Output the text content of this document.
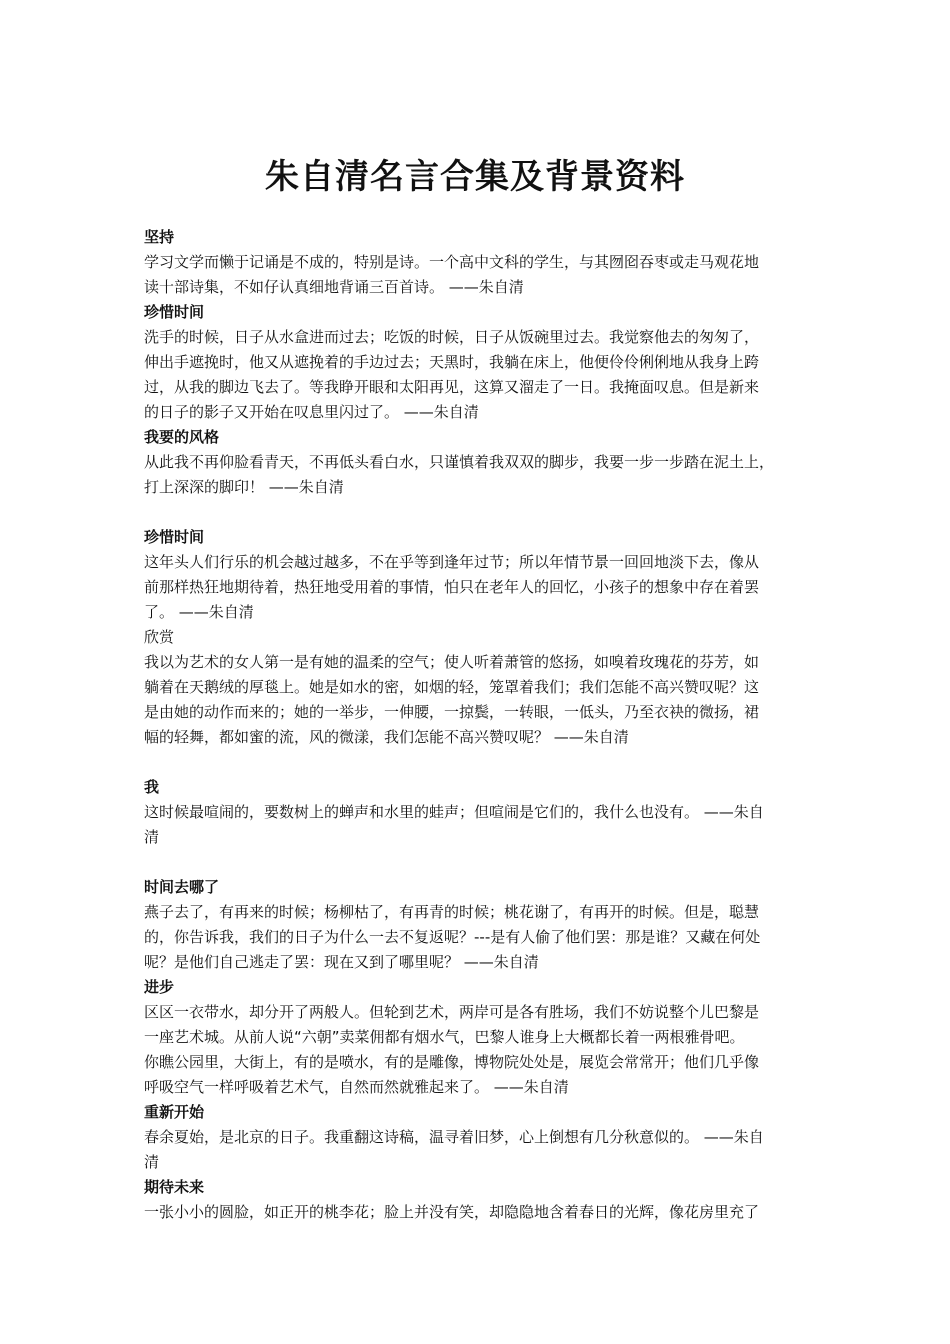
朱自清名言合集及背景资料
坚持
学习文学而懒于记诵是不成的，特别是诗。一个高中文科的学生，与其囫囵吞枣或走马观花地
读十部诗集，不如仔认真细地背诵三百首诗。 ——朱自清
珍惜时间
洗手的时候，日子从水盒进而过去；吃饭的时候，日子从饭碗里过去。我觉察他去的匆匆了，
伸出手遮挽时，他又从遮挽着的手边过去；天黑时，我躺在床上，他便伶伶俐俐地从我身上跨
过，从我的脚边飞去了。等我睁开眼和太阳再见，这算又溜走了一日。我掩面叹息。但是新来
的日子的影子又开始在叹息里闪过了。 ——朱自清
我要的风格
从此我不再仰脸看青天，不再低头看白水，只谨慎着我双双的脚步，我要一步一步踏在泥土上，
打上深深的脚印！ ——朱自清
珍惜时间
这年头人们行乐的机会越过越多，不在乎等到逢年过节；所以年情节景一回回地淡下去，像从
前那样热狂地期待着，热狂地受用着的事情，怕只在老年人的回忆，小孩子的想象中存在着罢
了。 ——朱自清
欣赏
我以为艺术的女人第一是有她的温柔的空气；使人听着萧管的悠扬，如嗅着玫瑰花的芬芳，如
躺着在天鹅绒的厚毯上。她是如水的密，如烟的轻，笼罩着我们；我们怎能不高兴赞叹呢？这
是由她的动作而来的；她的一举步，一伸腰，一掠鬓，一转眼，一低头，乃至衣袂的微扬，裙
幅的轻舞，都如蜜的流，风的微漾，我们怎能不高兴赞叹呢？ ——朱自清
我
这时候最喧闹的，要数树上的蝉声和水里的蛙声；但喧闹是它们的，我什么也没有。 ——朱自
清
时间去哪了
燕子去了，有再来的时候；杨柳枯了，有再青的时候；桃花谢了，有再开的时候。但是，聪慧
的，你告诉我，我们的日子为什么一去不复返呢？---是有人偷了他们罢：那是谁？又藏在何处
呢？是他们自己逃走了罢：现在又到了哪里呢？ ——朱自清
进步
区区一衣带水，却分开了两般人。但轮到艺术，两岸可是各有胜场，我们不妨说整个儿巴黎是
一座艺术城。从前人说“六朝”卖菜佣都有烟水气，巴黎人谁身上大概都长着一两根雅骨吧。
你瞧公园里，大街上，有的是喷水，有的是雕像，博物院处处是，展览会常常开；他们几乎像
呼吸空气一样呼吸着艺术气，自然而然就雅起来了。 ——朱自清
重新开始
春余夏始，是北京的日子。我重翻这诗稿，温寻着旧梦，心上倒想有几分秋意似的。 ——朱自
清
期待未来
一张小小的圆脸，如正开的桃李花；脸上并没有笑，却隐隐地含着春日的光辉，像花房里充了
